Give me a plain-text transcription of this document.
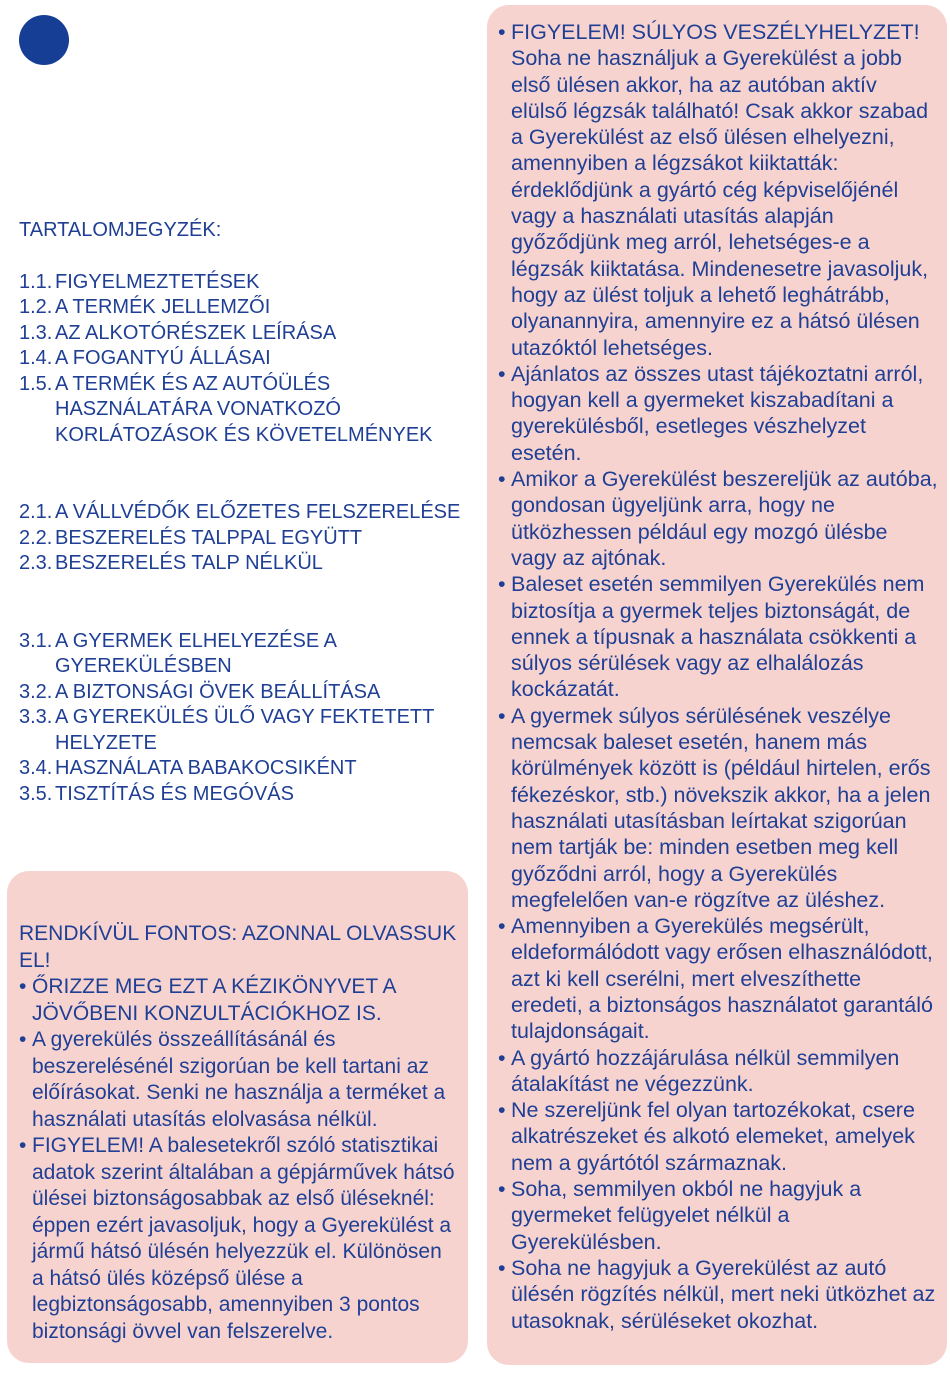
TARTALOMJEGYZÉK:
1.1. FIGYELMEZTETÉSEK
1.2. A TERMÉK JELLEMZŐI
1.3. AZ ALKOTÓRÉSZEK LEÍRÁSA
1.4. A FOGANTYÚ ÁLLÁSAI
1.5. A TERMÉK ÉS AZ AUTÓÜLÉS HASZNÁLATÁRA VONATKOZÓ KORLÁTOZÁSOK ÉS KÖVETELMÉNYEK
2.1. A VÁLLVÉDŐK ELŐZETES FELSZERELÉSE
2.2. BESZERELÉS TALPPAL EGYÜTT
2.3. BESZERELÉS TALP NÉLKÜL
3.1. A GYERMEK ELHELYEZÉSE A GYEREKÜLÉSBEN
3.2. A BIZTONSÁGI ÖVEK BEÁLLÍTÁSA
3.3. A GYEREKÜLÉS ÜLŐ VAGY FEKTETETT HELYZETE
3.4. HASZNÁLATA BABAKOCSIKÉNT
3.5. TISZTÍTÁS ÉS MEGÓVÁS

RENDKÍVÜL FONTOS: AZONNAL OLVASSUK EL!

• ŐRIZZE MEG EZT A KÉZIKÖNYVET A JÖVŐBENI KONZULTÁCIÓKHOZ IS.
• A gyerekülés összeállításánál és beszerelésénél szigorúan be kell tartani az előírásokat. Senki ne használja a terméket a használati utasítás elolvasása nélkül.
• FIGYELEM! A balesetekről szóló statisztikai adatok szerint általában a gépjárművek hátsó ülései biztonságosabbak az első üléseknél: éppen ezért javasoljuk, hogy a Gyerekülést a jármű hátsó ülésén helyezzük el. Különösen a hátsó ülés középső ülése a legbiztonságosabb, amennyiben 3 pontos biztonsági övvel van felszerelve.
• FIGYELEM! SÚLYOS VESZÉLYHELYZET! Soha ne használjuk a Gyerekülést a jobb első ülésen akkor, ha az autóban aktív elülső légzsák található! Csak akkor szabad a Gyerekülést az első ülésen elhelyezni, amennyiben a légzsákot kiiktatták: érdeklődjünk a gyártó cég képviselőjénél vagy a használati utasítás alapján győződjünk meg arról, lehetséges-e a légzsák kiiktatása. Mindenesetre javasoljuk, hogy az ülést toljuk a lehető leghátrább, olyanannyira, amennyire ez a hátsó ülésen utazóktól lehetséges.
• Ajánlatos az összes utast tájékoztatni arról, hogyan kell a gyermeket kiszabadítani a gyerekülésből, esetleges vészhelyzet esetén.
• Amikor a Gyerekülést beszereljük az autóba, gondosan ügyeljünk arra, hogy ne ütközhessen például egy mozgó ülésbe vagy az ajtónak.
• Baleset esetén semmilyen Gyerekülés nem biztosítja a gyermek teljes biztonságát, de ennek a típusnak a használata csökkenti a súlyos sérülések vagy az elhalálozás kockázatát.
• A gyermek súlyos sérülésének veszélye nemcsak baleset esetén, hanem más körülmények között is (például hirtelen, erős fékezéskor, stb.) növekszik akkor, ha a jelen használati utasításban leírtakat szigorúan nem tartják be: minden esetben meg kell győződni arról, hogy a Gyerekülés megfelelően van-e rögzítve az üléshez.
• Amennyiben a Gyerekülés megsérült, eldeformálódott vagy erősen elhasználódott, azt ki kell cserélni, mert elveszíthette eredeti, a biztonságos használatot garantáló tulajdonságait.
• A gyártó hozzájárulása nélkül semmilyen átalakítást ne végezzünk.
• Ne szereljünk fel olyan tartozékokat, csere alkatrészeket és alkotó elemeket, amelyek nem a gyártótól származnak.
• Soha, semmilyen okból ne hagyjuk a gyermeket felügyelet nélkül a Gyerekülésben.
• Soha ne hagyjuk a Gyerekülést az autó ülésén rögzítés nélkül, mert neki ütközhet az utasoknak, sérüléseket okozhat.
